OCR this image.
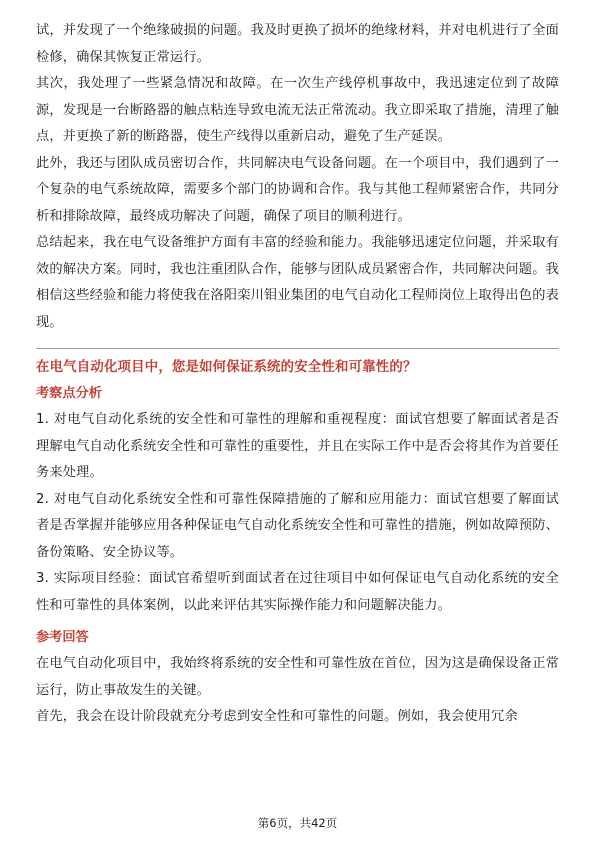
试，并发现了一个绝缘破损的问题。我及时更换了损坏的绝缘材料，并对电机进行了全面检修，确保其恢复正常运行。

其次，我处理了一些紧急情况和故障。在一次生产线停机事故中，我迅速定位到了故障源，发现是一台断路器的触点粘连导致电流无法正常流动。我立即采取了措施，清理了触点，并更换了新的断路器，使生产线得以重新启动，避免了生产延误。

此外，我还与团队成员密切合作，共同解决电气设备问题。在一个项目中，我们遇到了一个复杂的电气系统故障，需要多个部门的协调和合作。我与其他工程师紧密合作，共同分析和排除故障，最终成功解决了问题，确保了项目的顺利进行。

总结起来，我在电气设备维护方面有丰富的经验和能力。我能够迅速定位问题，并采取有效的解决方案。同时，我也注重团队合作，能够与团队成员紧密合作，共同解决问题。我相信这些经验和能力将使我在洛阳栾川钼业集团的电气自动化工程师岗位上取得出色的表现。

在电气自动化项目中，您是如何保证系统的安全性和可靠性的？

考察点分析

1. 对电气自动化系统的安全性和可靠性的理解和重视程度：面试官想要了解面试者是否理解电气自动化系统安全性和可靠性的重要性，并且在实际工作中是否会将其作为首要任务来处理。

2. 对电气自动化系统安全性和可靠性保障措施的了解和应用能力：面试官想要了解面试者是否掌握并能够应用各种保证电气自动化系统安全性和可靠性的措施，例如故障预防、备份策略、安全协议等。

3. 实际项目经验：面试官希望听到面试者在过往项目中如何保证电气自动化系统的安全性和可靠性的具体案例，以此来评估其实际操作能力和问题解决能力。

参考回答

在电气自动化项目中，我始终将系统的安全性和可靠性放在首位，因为这是确保设备正常运行，防止事故发生的关键。

首先，我会在设计阶段就充分考虑到安全性和可靠性的问题。例如，我会使用冗余

第6页，共42页
